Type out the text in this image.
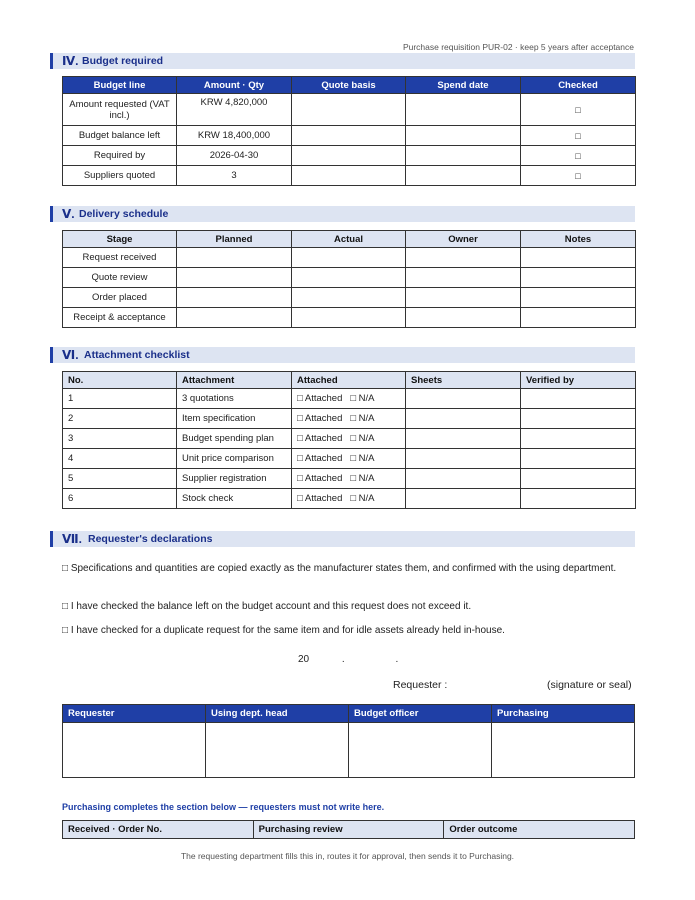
Purchase requisition PUR-02 · keep 5 years after acceptance
Ⅳ. Budget required
Budget line	Amount · Qty	Quote basis	Spend date	Checked
Amount requested (VAT incl.)	KRW 4,820,000			□
Budget balance left	KRW 18,400,000			□
Required by	2026-04-30			□
Suppliers quoted	3			□
Ⅴ. Delivery schedule
Stage	Planned	Actual	Owner	Notes
Request received				
Quote review				
Order placed				
Receipt & acceptance				
Ⅵ. Attachment checklist
No.	Attachment	Attached	Sheets	Verified by
1	3 quotations	□ Attached □ N/A		
2	Item specification	□ Attached □ N/A		
3	Budget spending plan	□ Attached □ N/A		
4	Unit price comparison	□ Attached □ N/A		
5	Supplier registration	□ Attached □ N/A		
6	Stock check	□ Attached □ N/A		
Ⅶ. Requester's declarations
□ Specifications and quantities are copied exactly as the manufacturer states them, and confirmed with the using department.
□ I have checked the balance left on the budget account and this request does not exceed it.
□ I have checked for a duplicate request for the same item and for idle assets already held in-house.
20	.	.
Requester :	(signature or seal)
Requester	Using dept. head	Budget officer	Purchasing

Purchasing completes the section below — requesters must not write here.
Received · Order No.	Purchasing review	Order outcome
The requesting department fills this in, routes it for approval, then sends it to Purchasing.
